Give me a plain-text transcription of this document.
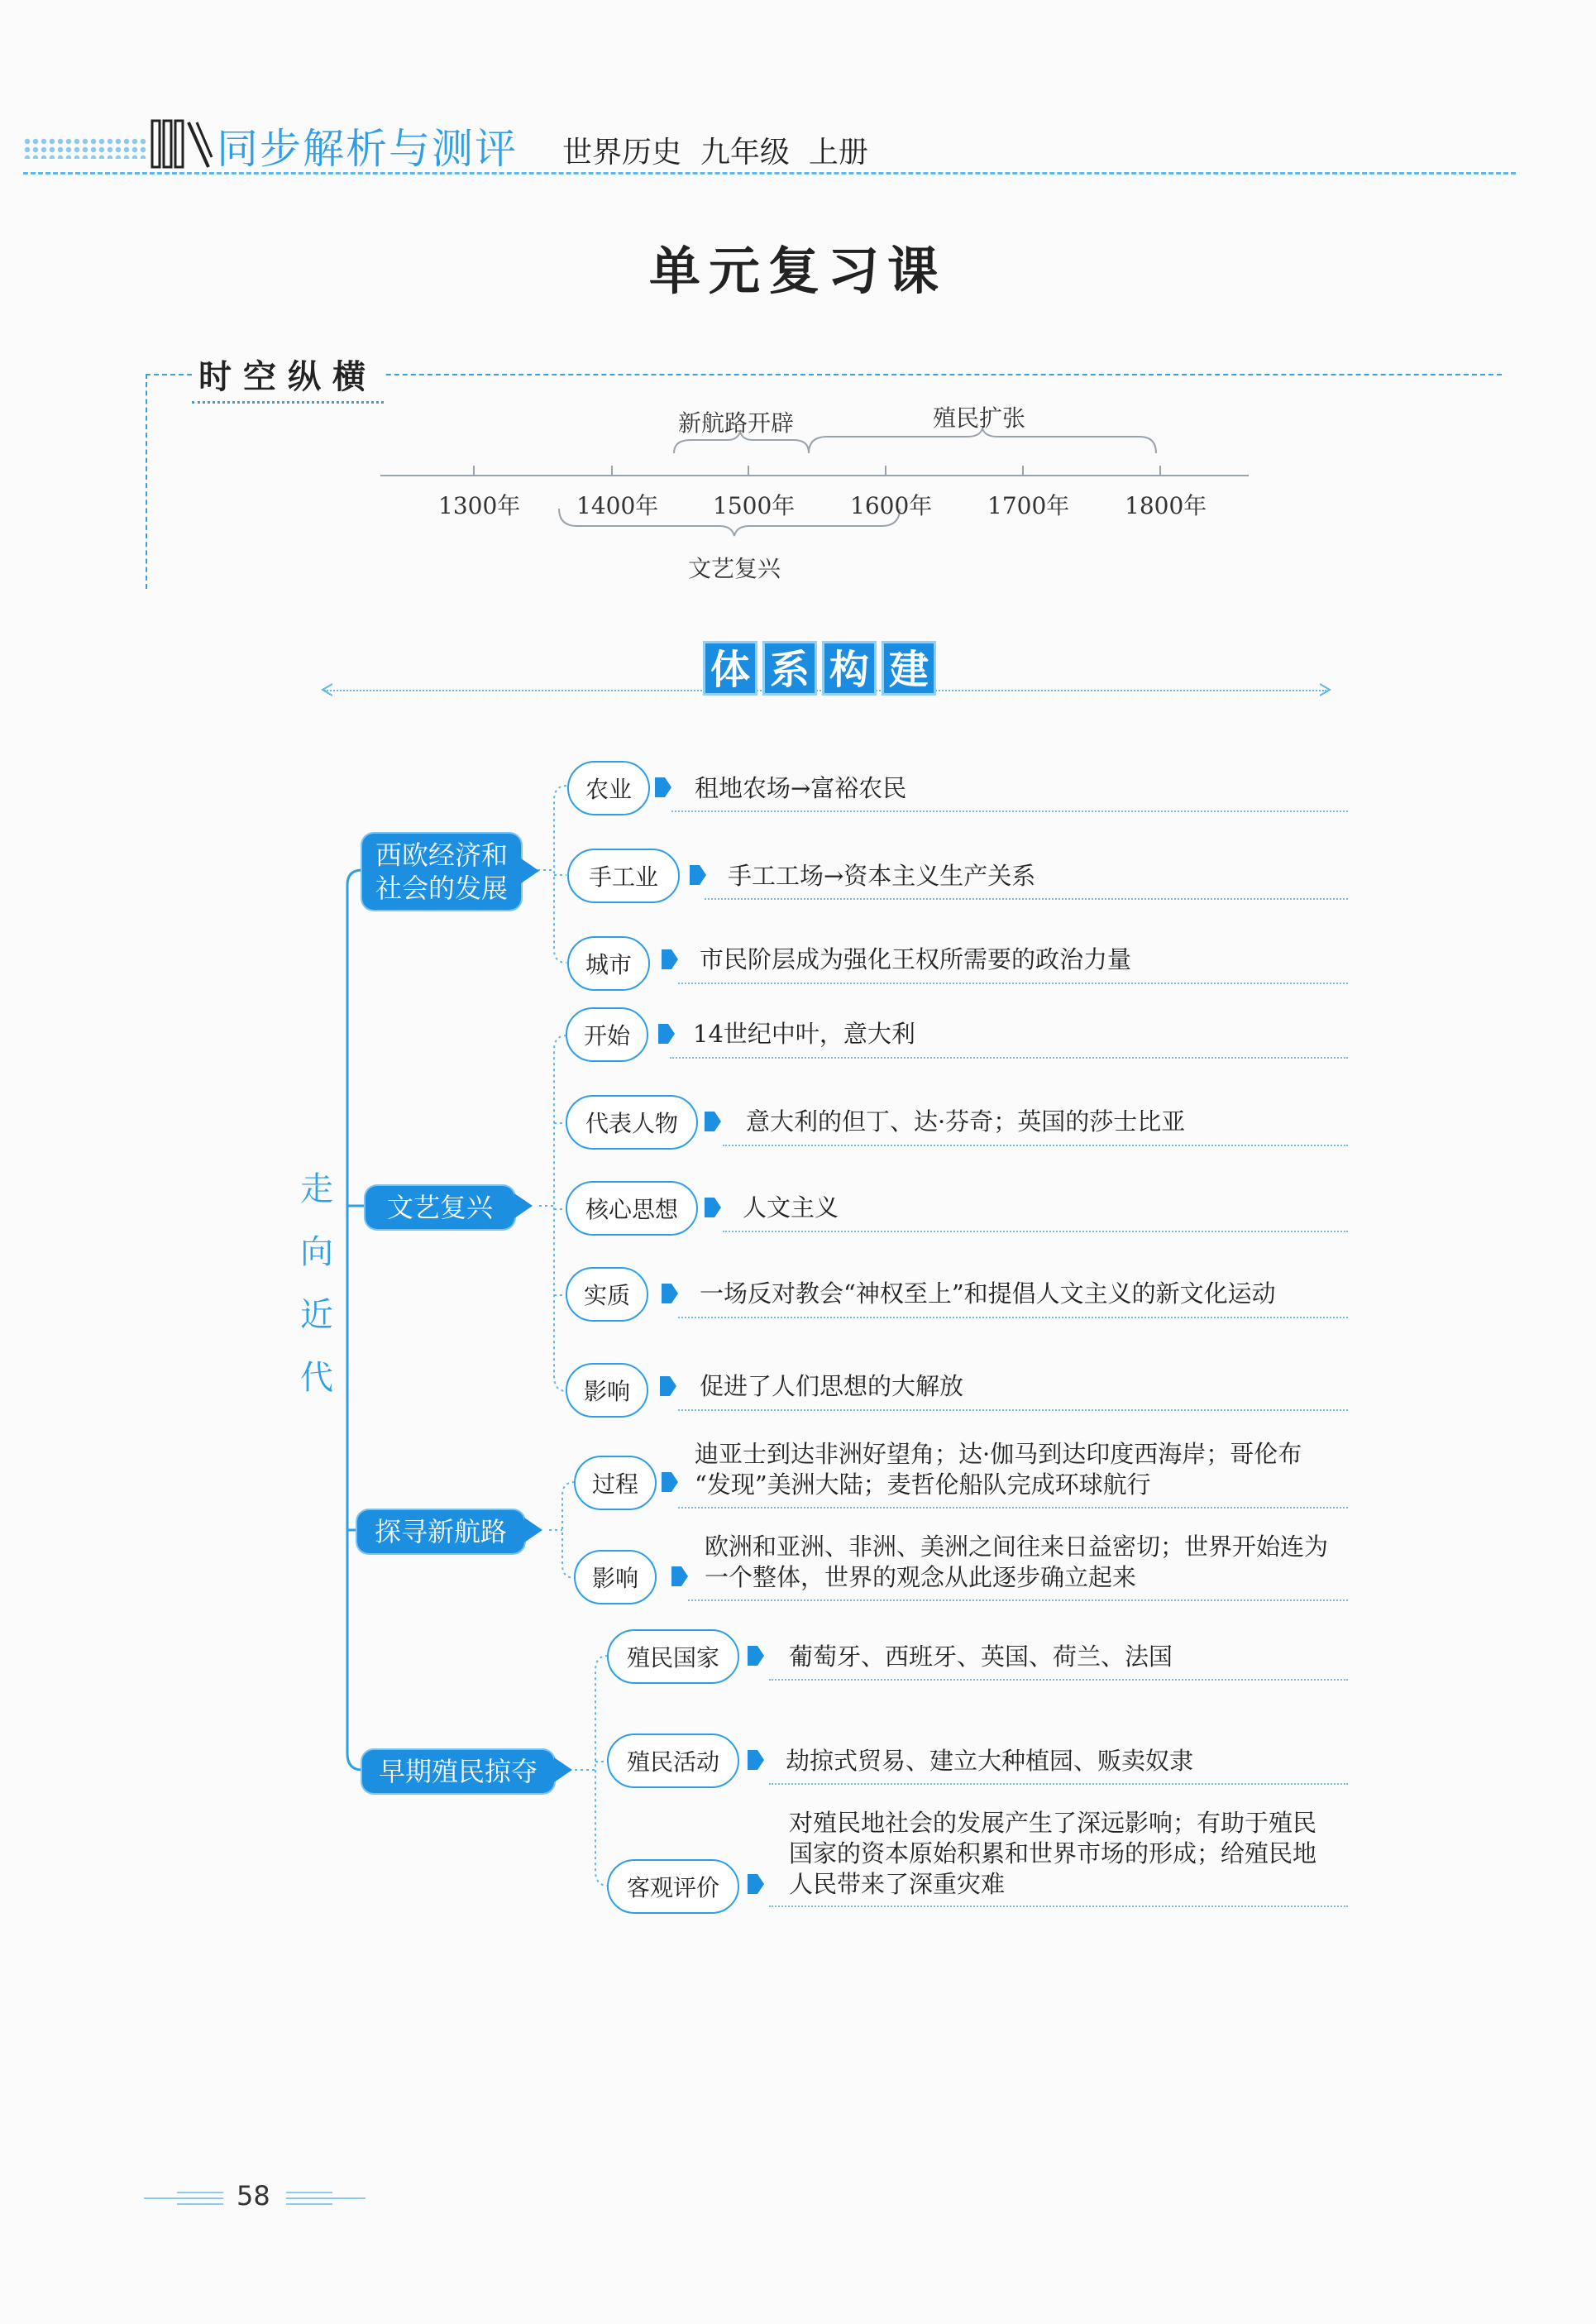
同步解析与测评 世界历史 九年级 上册
单元复习课
时空纵横
1300年 1400年 1500年 1600年 1700年 1800年
新航路开辟	殖民扩张
文艺复兴
体 系 构 建
走
向
近
代
西欧经济和
社会的发展
文艺复兴
探寻新航路
早期殖民掠夺
农业	租地农场→富裕农民
手工业	手工工场→资本主义生产关系
城市	市民阶层成为强化王权所需要的政治力量
开始	14世纪中叶，意大利
代表人物	意大利的但丁、达·芬奇；英国的莎士比亚
核心思想	人文主义
实质	一场反对教会“神权至上”和提倡人文主义的新文化运动
影响	促进了人们思想的大解放
过程
迪亚士到达非洲好望角；达·伽马到达印度西海岸；哥伦布
“发现”美洲大陆；麦哲伦船队完成环球航行
影响
欧洲和亚洲、非洲、美洲之间往来日益密切；世界开始连为
一个整体，世界的观念从此逐步确立起来
殖民国家	葡萄牙、西班牙、英国、荷兰、法国
殖民活动	劫掠式贸易、建立大种植园、贩卖奴隶
客观评价
对殖民地社会的发展产生了深远影响；有助于殖民
国家的资本原始积累和世界市场的形成；给殖民地
人民带来了深重灾难
58
